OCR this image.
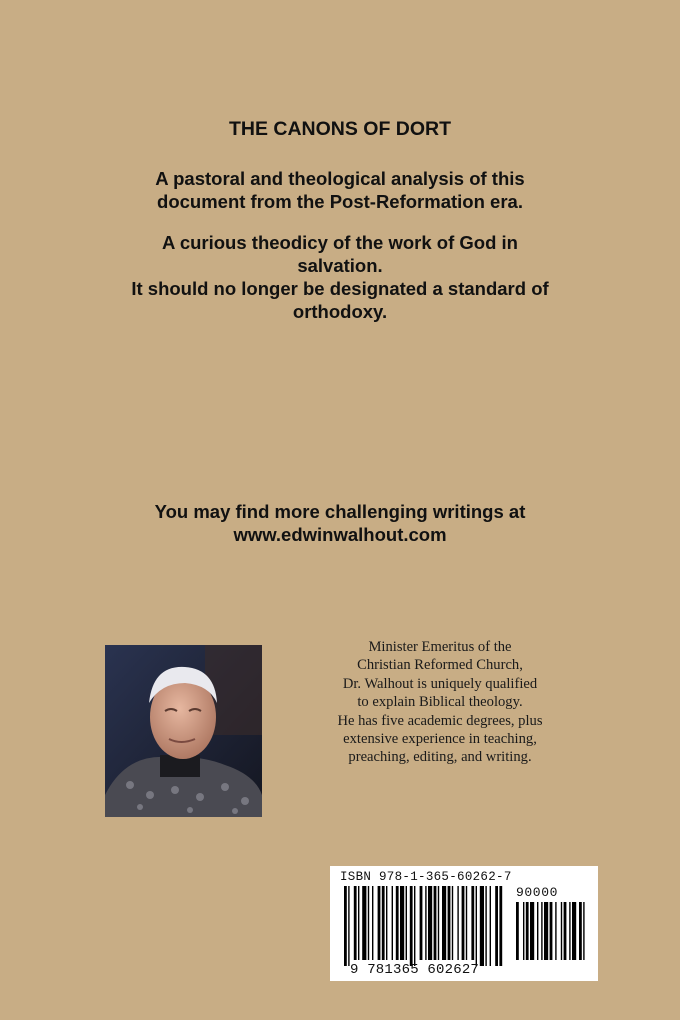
THE CANONS OF DORT
A pastoral and theological analysis of this
document from the Post-Reformation era.
A curious theodicy of the work of God in
salvation.
It should no longer be designated a standard of
orthodoxy.
You may find more challenging writings at
www.edwinwalhout.com
Minister Emeritus of the
Christian Reformed Church,
Dr. Walhout is uniquely qualified
to explain Biblical theology.
He has five academic degrees, plus
extensive experience in teaching,
preaching, editing, and writing.
ISBN 978-1-365-60262-7
90000
9 781365 602627
